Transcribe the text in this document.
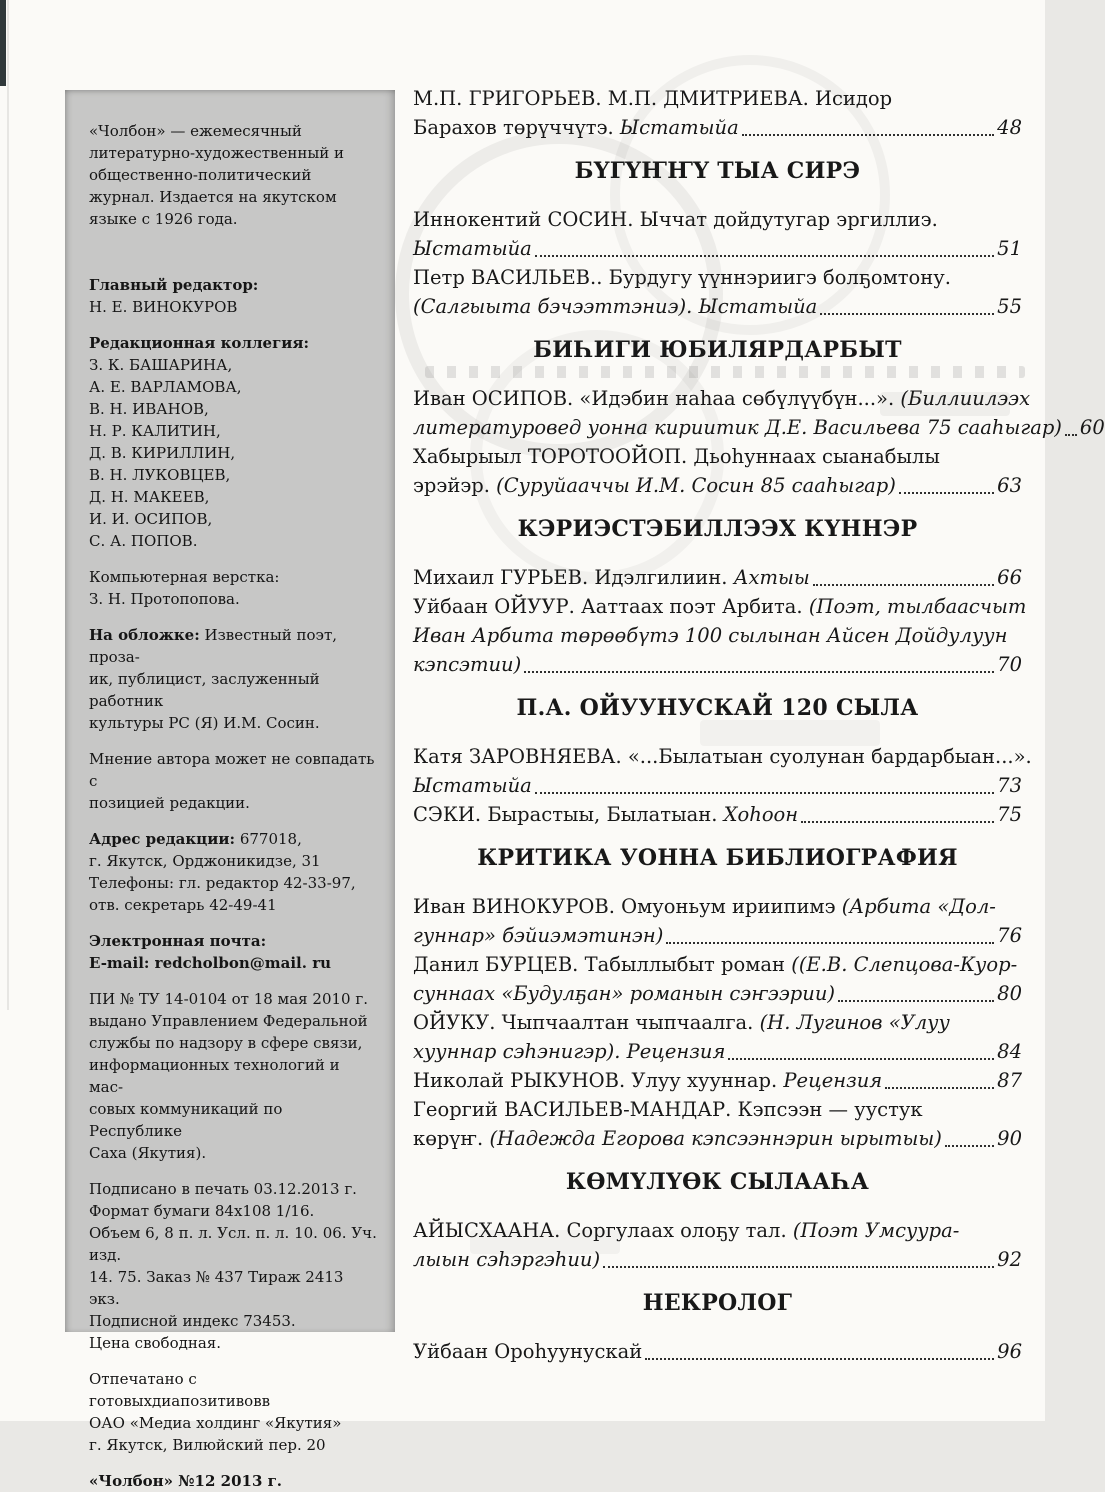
«Чолбон» — ежемесячный
литературно-художественный и
общественно-политический
журнал. Издается на якутском
языке с 1926 года.
Главный редактор:
Н. Е. ВИНОКУРОВ
Редакционная коллегия:
З. К. БАШАРИНА,
А. Е. ВАРЛАМОВА,
В. Н. ИВАНОВ,
Н. Р. КАЛИТИН,
Д. В. КИРИЛЛИН,
В. Н. ЛУКОВЦЕВ,
Д. Н. МАКЕЕВ,
И. И. ОСИПОВ,
С. А. ПОПОВ.
Компьютерная верстка:
З. Н. Протопопова.
На обложке: Известный поэт, проза-
ик, публицист, заслуженный работник
культуры РС (Я) И.М. Сосин.
Мнение автора может не совпадать с
позицией редакции.
Адрес редакции: 677018,
г. Якутск, Орджоникидзе, 31
Телефоны: гл. редактор 42-33-97,
отв. секретарь 42-49-41
Электронная почта:
E-mail: redcholbon@mail. ru
ПИ № ТУ 14-0104 от 18 мая 2010 г.
выдано Управлением Федеральной
службы по надзору в сфере связи,
информационных технологий и мас-
совых коммуникаций по Республике
Саха (Якутия).
Подписано в печать 03.12.2013 г.
Формат бумаги 84x108 1/16.
Объем 6, 8 п. л. Усл. п. л. 10. 06. Уч. изд.
14. 75. Заказ № 437 Тираж 2413 экз.
Подписной индекс 73453.
Цена свободная.
Отпечатано с готовыхдиапозитивовв
ОАО «Медиа холдинг «Якутия»
г. Якутск, Вилюйский пер. 20
«Чолбон» №12 2013 г.
М.П. ГРИГОРЬЕВ. М.П. ДМИТРИЕВА. Исидор
Барахов төрүччүтэ. Ыстатыйа	48
БҮГҮҤҤҮ ТЫА СИРЭ
Иннокентий СОСИН. Ыччат дойдутугар эргиллиэ.
Ыстатыйа	51
Петр ВАСИЛЬЕВ.. Бурдугу үүннэриигэ болҕомтону.
(Салгыыта бэчээттэниэ). Ыстатыйа	55
БИҺИГИ ЮБИЛЯРДАРБЫТ
Иван ОСИПОВ. «Идэбин наһаа сөбүлүүбүн...». (Биллиилээх
литературовед уонна кириитик Д.Е. Васильева 75 сааһыгар) 60
Хабырыыл ТОРОТООЙОП. Дьоһуннаах сыанабылы
эрэйэр. (Суруйааччы И.М. Сосин 85 сааһыгар)	63
КЭРИЭСТЭБИЛЛЭЭХ КҮННЭР
Михаил ГУРЬЕВ. Идэлгилиин. Ахтыы	66
Уйбаан ОЙУУР. Ааттаах поэт Арбита. (Поэт, тылбаасчыт
Иван Арбита төрөөбүтэ 100 сылынан Айсен Дойдулуун
кэпсэтии)	70
П.А. ОЙУУНУСКАЙ 120 СЫЛА
Катя ЗАРОВНЯЕВА. «...Былатыан суолунан бардарбыан...».
Ыстатыйа	73
СЭКИ. Бырастыы, Былатыан. Хоһоон	75
КРИТИКА УОННА БИБЛИОГРАФИЯ
Иван ВИНОКУРОВ. Омуоньум ириипимэ (Арбита «Дол-
гуннар» бэйиэмэтинэн)	76
Данил БУРЦЕВ. Табыллыбыт роман ((Е.В. Слепцова-Куор-
суннаах «Будулҕан» романын сэҥээрии)	80
ОЙУКУ. Чыпчаалтан чыпчаалга. (Н. Лугинов «Улуу
хууннар сэһэнигэр). Рецензия	84
Николай РЫКУНОВ. Улуу хууннар. Рецензия	87
Георгий ВАСИЛЬЕВ-МАНДАР. Кэпсээн — уустук
көрүҥ. (Надежда Егорова кэпсээннэрин ырытыы)	90
КӨМҮЛҮӨК СЫЛААҺА
АЙЫСХААНА. Соргулаах олоҕу тал. (Поэт Умсуура-
лыын сэһэргэһии)	92
НЕКРОЛОГ
Уйбаан Ороһуунускай	96
